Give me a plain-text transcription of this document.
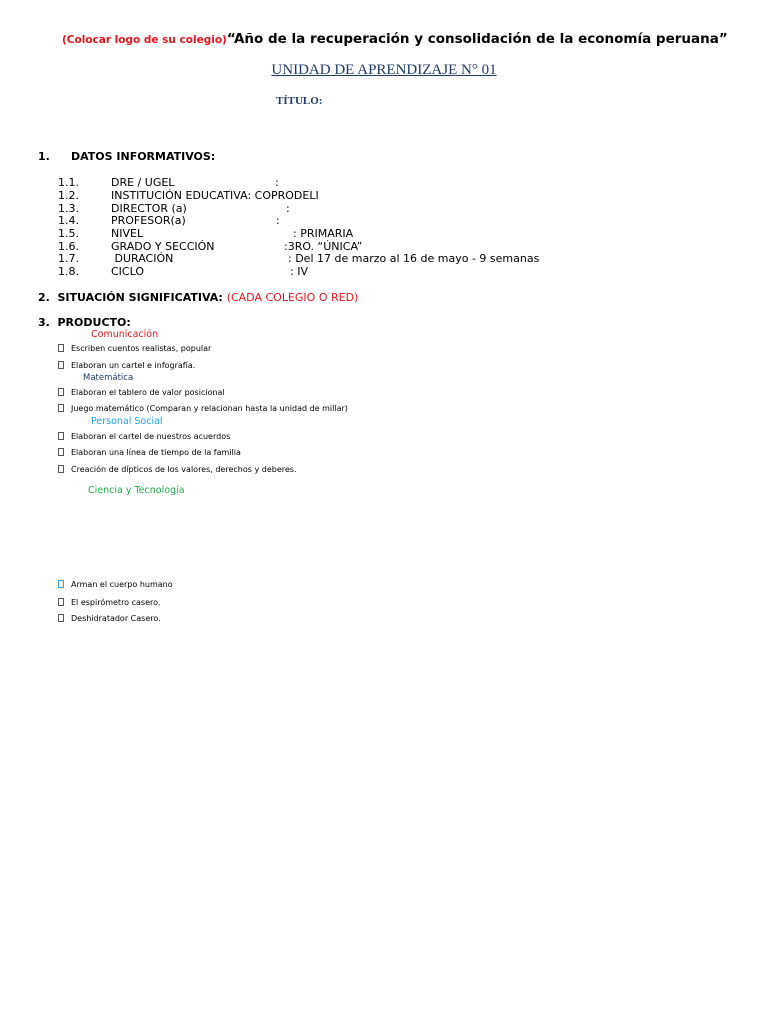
(Colocar logo de su colegio)“Año de la recuperación y consolidación de la economía peruana”
UNIDAD DE APRENDIZAJE N° 01
TÍTULO:
1. DATOS INFORMATIVOS:
1.1.	DRE / UGEL	:
1.2.	INSTITUCIÓN EDUCATIVA: COPRODELI
1.3.	DIRECTOR (a)	:
1.4.	PROFESOR(a)	:
1.5.	NIVEL	: PRIMARIA
1.6.	GRADO Y SECCIÓN	:3RO. “ÚNICA”
1.7.	DURACIÓN	: Del 17 de marzo al 16 de mayo - 9 semanas
1.8.	CICLO	: IV
2.  SITUACIÓN SIGNIFICATIVA: (CADA COLEGIO O RED)
3.  PRODUCTO:
Comunicación
Escriben cuentos realistas, popular
Elaboran un cartel e infografía.
Matemática
Elaboran el tablero de valor posicional
Juego matemático (Comparan y relacionan hasta la unidad de millar)
Personal Social
Elaboran el cartel de nuestros acuerdos
Elaboran una línea de tiempo de la familia
Creación de dípticos de los valores, derechos y deberes.
Ciencia y Tecnología
Arman el cuerpo humano
El espirómetro casero.
Deshidratador Casero.
